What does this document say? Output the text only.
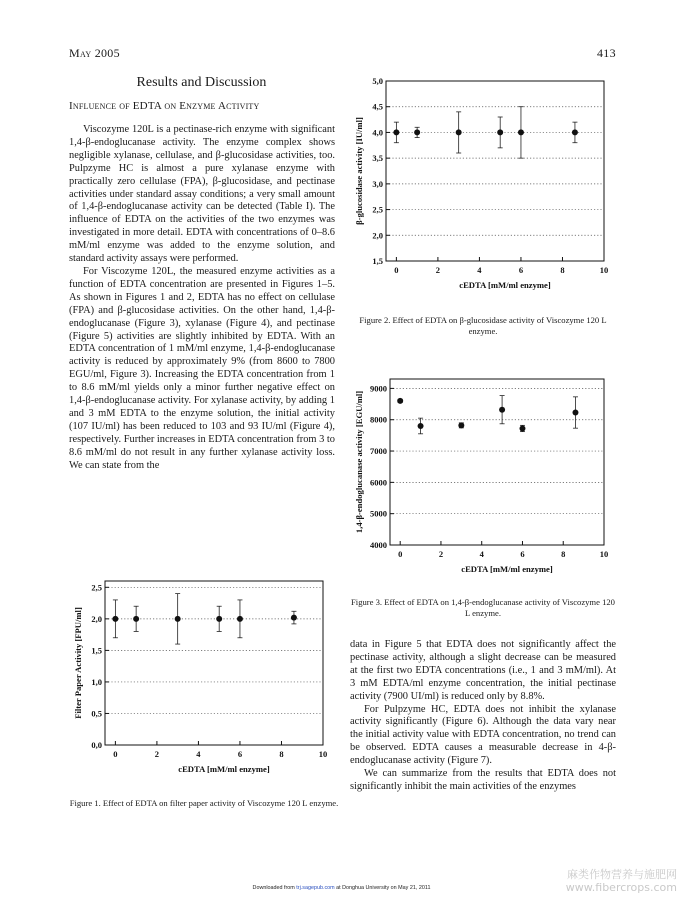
May 2005	413
Results and Discussion
Influence of EDTA on Enzyme Activity

Viscozyme 120L is a pectinase-rich enzyme with significant 1,4-β-endoglucanase activity. The enzyme complex shows negligible xylanase, cellulase, and β-glucosidase activities, too. Pulpzyme HC is almost a pure xylanase enzyme with practically zero cellulase (FPA), β-glucosidase, and pectinase activities under standard assay conditions; a very small amount of 1,4-β-endoglucanase activity can be detected (Table I). The influence of EDTA on the activities of the two enzymes was investigated in more detail. EDTA with concentrations of 0–8.6 mM/ml enzyme was added to the enzyme solution, and standard activity assays were performed.

For Viscozyme 120L, the measured enzyme activities as a function of EDTA concentration are presented in Figures 1–5. As shown in Figures 1 and 2, EDTA has no effect on cellulase (FPA) and β-glucosidase activities. On the other hand, 1,4-β-endoglucanase (Figure 3), xylanase (Figure 4), and pectinase (Figure 5) activities are slightly inhibited by EDTA. With an EDTA concentration of 1 mM/ml enzyme, 1,4-β-endoglucanase activity is reduced by approximately 9% (from 8600 to 7800 EGU/ml, Figure 3). Increasing the EDTA concentration from 1 to 8.6 mM/ml yields only a minor further negative effect on 1,4-β-endoglucanase activity. For xylanase activity, by adding 1 and 3 mM EDTA to the enzyme solution, the initial activity (107 IU/ml) has been reduced to 103 and 93 IU/ml (Figure 4), respectively. Further increases in EDTA concentration from 3 to 8.6 mM/ml do not result in any further xylanase activity loss. We can state from the

data in Figure 5 that EDTA does not significantly affect the pectinase activity, although a slight decrease can be measured at the first two EDTA concentrations (i.e., 1 and 3 mM/ml). At 3 mM EDTA/ml enzyme concentration, the initial pectinase activity (7900 UI/ml) is reduced only by 8.8%.

For Pulpzyme HC, EDTA does not inhibit the xylanase activity significantly (Figure 6). Although the data vary near the initial activity value with EDTA concentration, no trend can be observed. EDTA causes a measurable decrease in 4-β-endoglucanase activity (Figure 7).

We can summarize from the results that EDTA does not significantly inhibit the main activities of the enzymes

0,0
0,5
1,0
1,5
2,0
2,5
0	2	4	6	8	10
cEDTA [mM/ml enzyme]
Filter Paper Activity [FPU/ml]
Figure 1. Effect of EDTA on filter paper activity of Viscozyme 120 L enzyme.
1,5
2,0
2,5
3,0
3,5
4,0
4,5
5,0
0	2	4	6	8	10
cEDTA [mM/ml enzyme]
β-glucosidase activity [IU/ml]
Figure 2. Effect of EDTA on β-glucosidase activity of Viscozyme 120 L enzyme.
4000
5000
6000
7000
8000
9000
0	2	4	6	8	10
cEDTA [mM/ml enzyme]
1,4-β-endoglucanase activity [EGU/ml]
Figure 3. Effect of EDTA on 1,4-β-endoglucanase activity of Viscozyme 120 L enzyme.
Downloaded from trj.sagepub.com at Donghua University on May 21, 2011
麻类作物营养与施肥网
www.fibercrops.com
